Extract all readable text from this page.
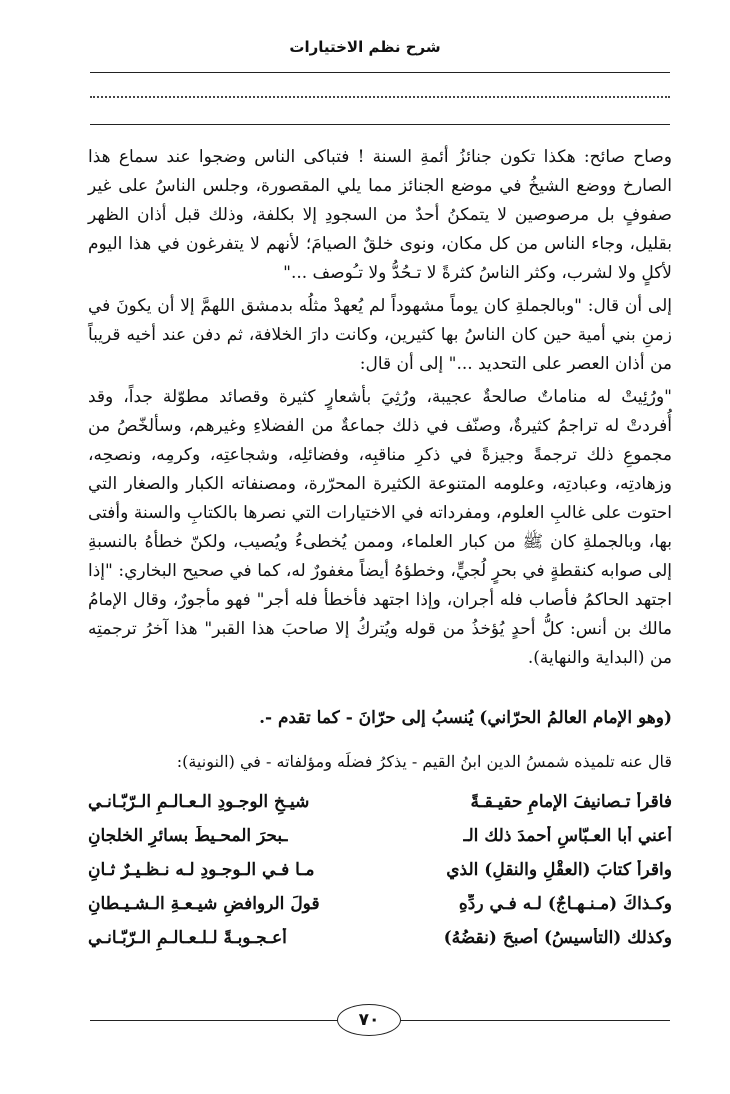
شرح نظم الاختيارات

وصاح صائح: هكذا تكون جنائزُ أئمةِ السنة ! فتباكى الناس وضجوا عند سماع هذا الصارخ ووضع الشيخُ في موضع الجنائز مما يلي المقصورة، وجلس الناسُ على غير صفوفٍ بل مرصوصين لا يتمكنُ أحدٌ من السجودِ إلا بكلفة، وذلك قبل أذان الظهر بقليل، وجاء الناس من كل مكان، ونوى خلقٌ الصيامَ؛ لأنهم لا يتفرغون في هذا اليوم لأكلٍ ولا لشرب، وكثر الناسُ كثرةً لا تـحُدُّ ولا تـُوصف ..."

إلى أن قال: "وبالجملةِ كان يوماً مشهوداً لم يُعهدْ مثلُه بدمشق اللهمَّ إلا أن يكونَ في زمنِ بني أمية حين كان الناسُ بها كثيرين، وكانت دارَ الخلافة، ثم دفن عند أخيه قريباً من أذان العصر على التحديد ..." إلى أن قال:

"ورُئِيتْ له مناماتٌ صالحةٌ عجيبة، ورُثِيَ بأشعارٍ كثيرة وقصائد مطوّلة جداً، وقد أُفردتْ له تراجمُ كثيرةٌ، وصنّف في ذلك جماعةٌ من الفضلاءِ وغيرهم، وسألخّصُ من مجموعِ ذلك ترجمةً وجيزةً في ذكرِ مناقبِه، وفضائلِه، وشجاعتِه، وكرمِه، ونصحِه، وزهادتِه، وعبادتِه، وعلومه المتنوعة الكثيرة المحرّرة، ومصنفاته الكبار والصغار التي احتوت على غالبِ العلوم، ومفرداته في الاختيارات التي نصرها بالكتابِ والسنة وأفتى بها، وبالجملةِ كان ﷺ من كبار العلماء، وممن يُخطىءُ ويُصيب، ولكنّ خطأهُ بالنسبةِ إلى صوابه كنقطةٍ في بحرٍ لُجيٍّ، وخطؤهُ أيضاً مغفورٌ له، كما في صحيح البخاري: "إذا اجتهد الحاكمُ فأصاب فله أجران، وإذا اجتهد فأخطأ فله أجر" فهو مأجورٌ، وقال الإمامُ مالك بن أنس: كلُّ أحدٍ يُؤخذُ من قوله ويُتركُ إلا صاحبَ هذا القبر" هذا آخرُ ترجمتِه من (البداية والنهاية).

(وهو الإمام العالمُ الحرّاني) يُنسبُ إلى حرّانَ - كما تقدم -.
قال عنه تلميذه شمسُ الدين ابنُ القيم - يذكرُ فضلَه ومؤلفاته - في (النونية):
فاقرأْ تـصانيفَ الإمامِ حقيـقـةً
شيـخِ الوجـودِ الـعـالـمِ الـرّبّـانـي
أعني أبا العـبّاسِ أحمدَ ذلك الـ
ـبحرَ المحـيطَ بسائرِ الخلجانِ
واقرأْ كتابَ (العقْلِ والنقلِ) الذي
مـا فـي الـوجـودِ لـه نـظـيـرٌ ثـانِ
وكـذاكَ (مـنـهـاجٌ) لـه فـي ردِّهِ
قولَ الروافضِ شيـعـةِ الـشـيـطانِ
وكذلك (التأسيسُ) أصبحَ (نقضُهُ)
أُعـجـوبـةً لـلـعـالـمِ الـرّبّـانـي
٧٠
